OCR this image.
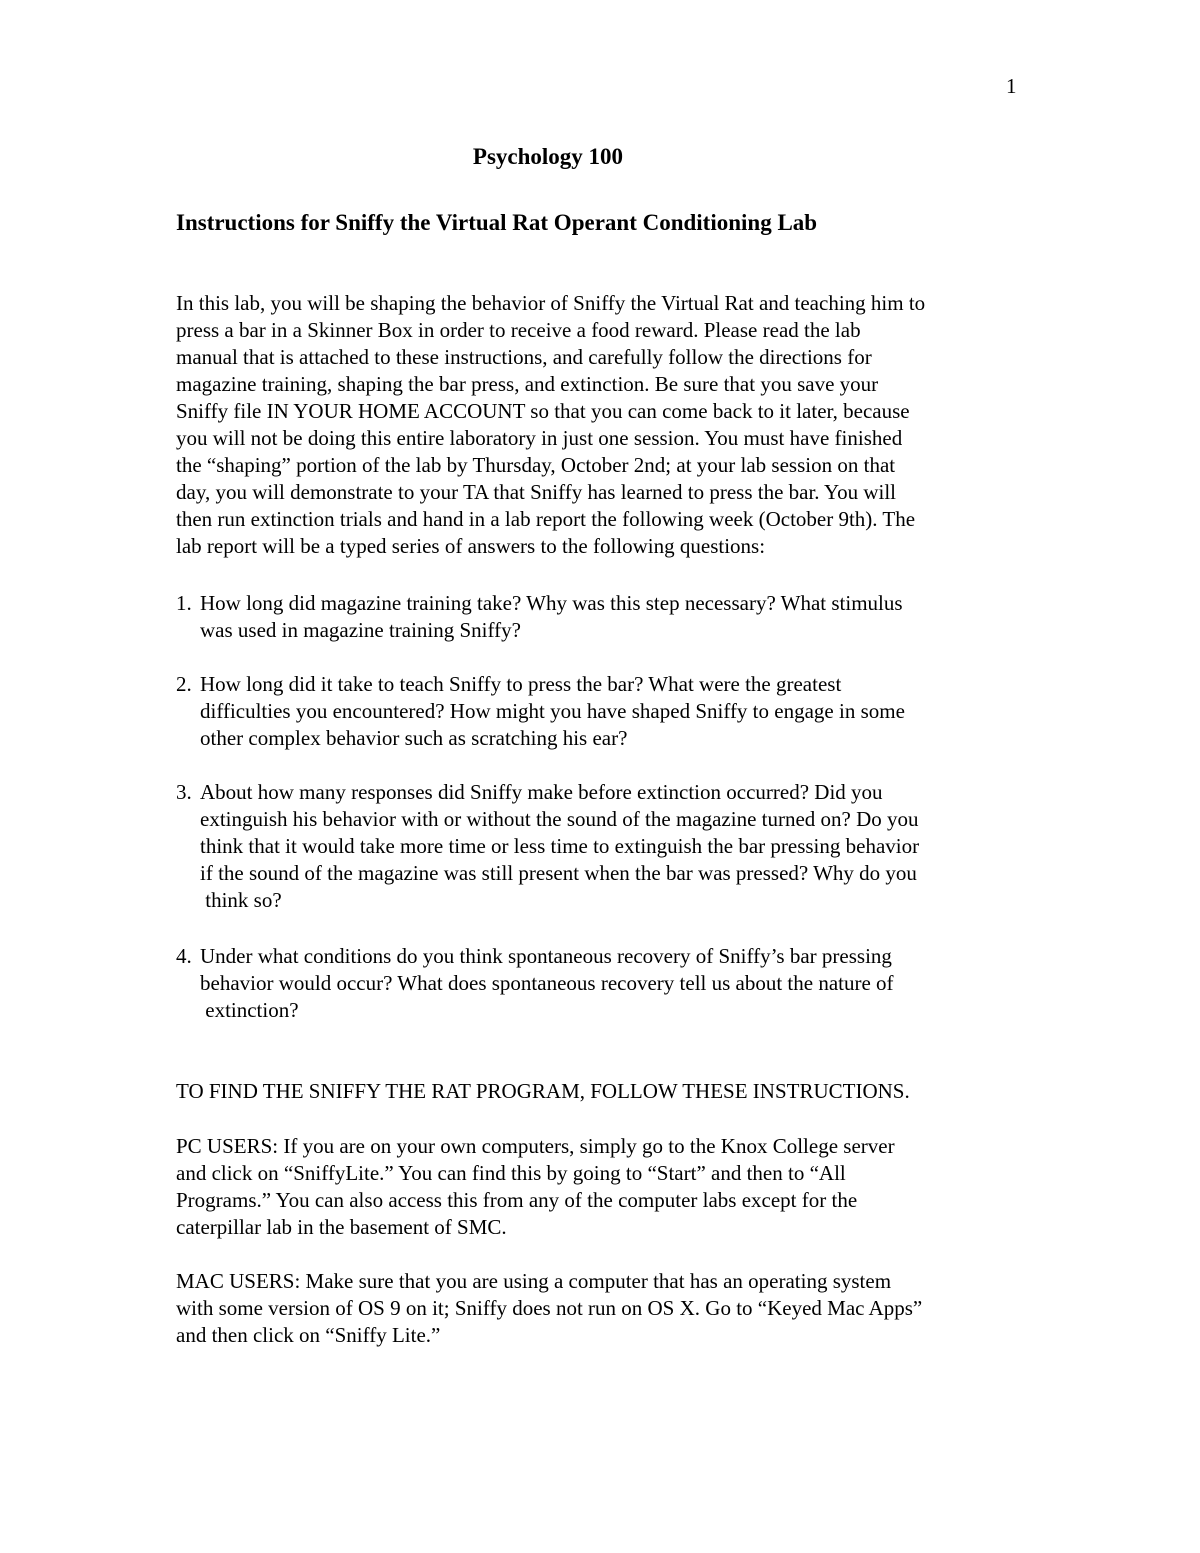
1
Psychology 100
Instructions for Sniffy the Virtual Rat Operant Conditioning Lab
In this lab, you will be shaping the behavior of Sniffy the Virtual Rat and teaching him to
press a bar in a Skinner Box in order to receive a food reward. Please read the lab
manual that is attached to these instructions, and carefully follow the directions for
magazine training, shaping the bar press, and extinction. Be sure that you save your
Sniffy file IN YOUR HOME ACCOUNT so that you can come back to it later, because
you will not be doing this entire laboratory in just one session. You must have finished
the “shaping” portion of the lab by Thursday, October 2nd; at your lab session on that
day, you will demonstrate to your TA that Sniffy has learned to press the bar. You will
then run extinction trials and hand in a lab report the following week (October 9th). The
lab report will be a typed series of answers to the following questions:
1. How long did magazine training take? Why was this step necessary? What stimulus
was used in magazine training Sniffy?
2. How long did it take to teach Sniffy to press the bar? What were the greatest
difficulties you encountered? How might you have shaped Sniffy to engage in some
other complex behavior such as scratching his ear?
3. About how many responses did Sniffy make before extinction occurred? Did you
extinguish his behavior with or without the sound of the magazine turned on? Do you
think that it would take more time or less time to extinguish the bar pressing behavior
if the sound of the magazine was still present when the bar was pressed? Why do you
think so?
4. Under what conditions do you think spontaneous recovery of Sniffy’s bar pressing
behavior would occur? What does spontaneous recovery tell us about the nature of
extinction?
TO FIND THE SNIFFY THE RAT PROGRAM, FOLLOW THESE INSTRUCTIONS.
PC USERS: If you are on your own computers, simply go to the Knox College server
and click on “SniffyLite.” You can find this by going to “Start” and then to “All
Programs.” You can also access this from any of the computer labs except for the
caterpillar lab in the basement of SMC.
MAC USERS: Make sure that you are using a computer that has an operating system
with some version of OS 9 on it; Sniffy does not run on OS X. Go to “Keyed Mac Apps”
and then click on “Sniffy Lite.”
